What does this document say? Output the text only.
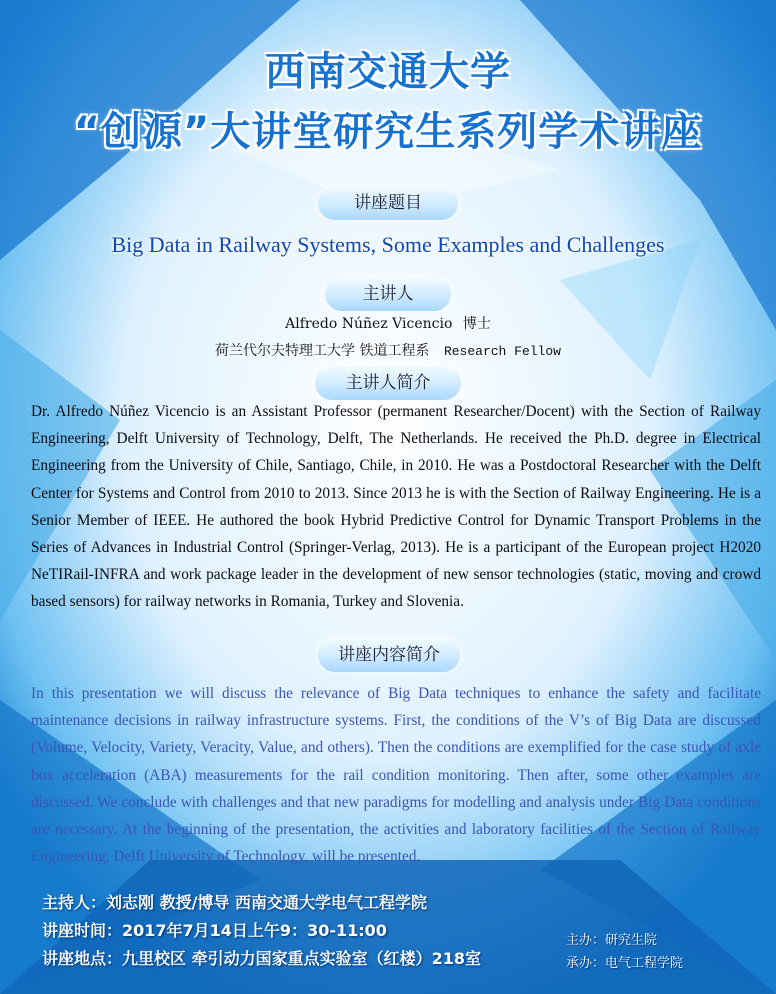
西南交通大学
“创源”大讲堂研究生系列学术讲座
讲座题目
Big Data in Railway Systems, Some Examples and Challenges
主讲人
Alfredo Núñez Vicencio 博士
荷兰代尔夫特理工大学 铁道工程系 Research Fellow
主讲人简介
Dr. Alfredo Núñez Vicencio is an Assistant Professor (permanent Researcher/Docent) with the Section of Railway Engineering, Delft University of Technology, Delft, The Netherlands. He received the Ph.D. degree in Electrical Engineering from the University of Chile, Santiago, Chile, in 2010. He was a Postdoctoral Researcher with the Delft Center for Systems and Control from 2010 to 2013. Since 2013 he is with the Section of Railway Engineering. He is a Senior Member of IEEE. He authored the book Hybrid Predictive Control for Dynamic Transport Problems in the Series of Advances in Industrial Control (Springer-Verlag, 2013). He is a participant of the European project H2020 NeTIRail-INFRA and work package leader in the development of new sensor technologies (static, moving and crowd based sensors) for railway networks in Romania, Turkey and Slovenia.
讲座内容简介
In this presentation we will discuss the relevance of Big Data techniques to enhance the safety and facilitate maintenance decisions in railway infrastructure systems. First, the conditions of the V’s of Big Data are discussed (Volume, Velocity, Variety, Veracity, Value, and others). Then the conditions are exemplified for the case study of axle box acceleration (ABA) measurements for the rail condition monitoring. Then after, some other examples are discussed. We conclude with challenges and that new paradigms for modelling and analysis under Big Data conditions are necessary. At the beginning of the presentation, the activities and laboratory facilities of the Section of Railway Engineering, Delft University of Technology, will be presented.
主持人：刘志刚 教授/博导 西南交通大学电气工程学院
讲座时间：2017年7月14日上午9：30-11:00
讲座地点：九里校区 牵引动力国家重点实验室（红楼）218室
主办：研究生院
承办：电气工程学院
